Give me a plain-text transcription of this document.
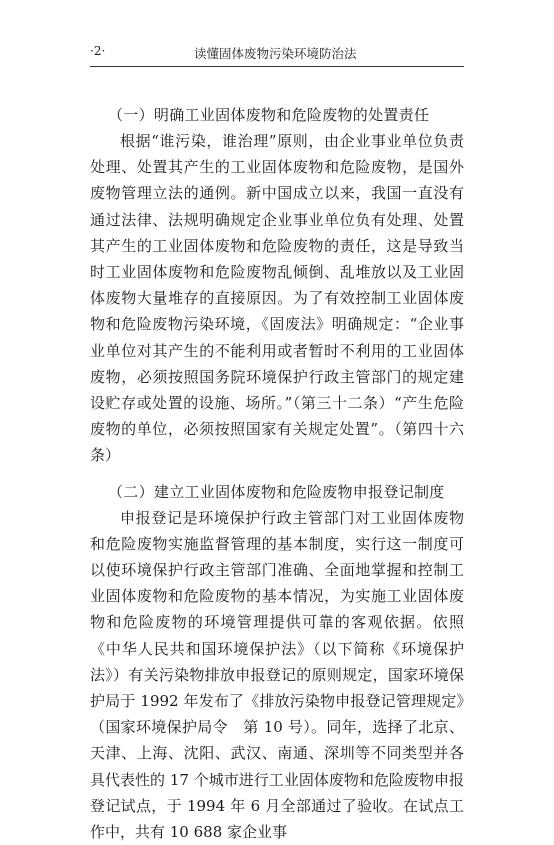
·2·	读懂固体废物污染环境防治法

（一）明确工业固体废物和危险废物的处置责任

根据“谁污染，谁治理”原则，由企业事业单位负责处理、处置其产生的工业固体废物和危险废物，是国外废物管理立法的通例。新中国成立以来，我国一直没有通过法律、法规明确规定企业事业单位负有处理、处置其产生的工业固体废物和危险废物的责任，这是导致当时工业固体废物和危险废物乱倾倒、乱堆放以及工业固体废物大量堆存的直接原因。为了有效控制工业固体废物和危险废物污染环境，《固废法》明确规定：“企业事业单位对其产生的不能利用或者暂时不利用的工业固体废物，必须按照国务院环境保护行政主管部门的规定建设贮存或处置的设施、场所。”（第三十二条）“产生危险废物的单位，必须按照国家有关规定处置”。（第四十六条）

（二）建立工业固体废物和危险废物申报登记制度

申报登记是环境保护行政主管部门对工业固体废物和危险废物实施监督管理的基本制度，实行这一制度可以使环境保护行政主管部门准确、全面地掌握和控制工业固体废物和危险废物的基本情况，为实施工业固体废物和危险废物的环境管理提供可靠的客观依据。依照《中华人民共和国环境保护法》（以下简称《环境保护法》）有关污染物排放申报登记的原则规定，国家环境保护局于 1992 年发布了《排放污染物申报登记管理规定》（国家环境保护局令　第 10 号）。同年，选择了北京、天津、上海、沈阳、武汉、南通、深圳等不同类型并各具代表性的 17 个城市进行工业固体废物和危险废物申报登记试点，于 1994 年 6 月全部通过了验收。在试点工作中，共有 10 688 家企业事
